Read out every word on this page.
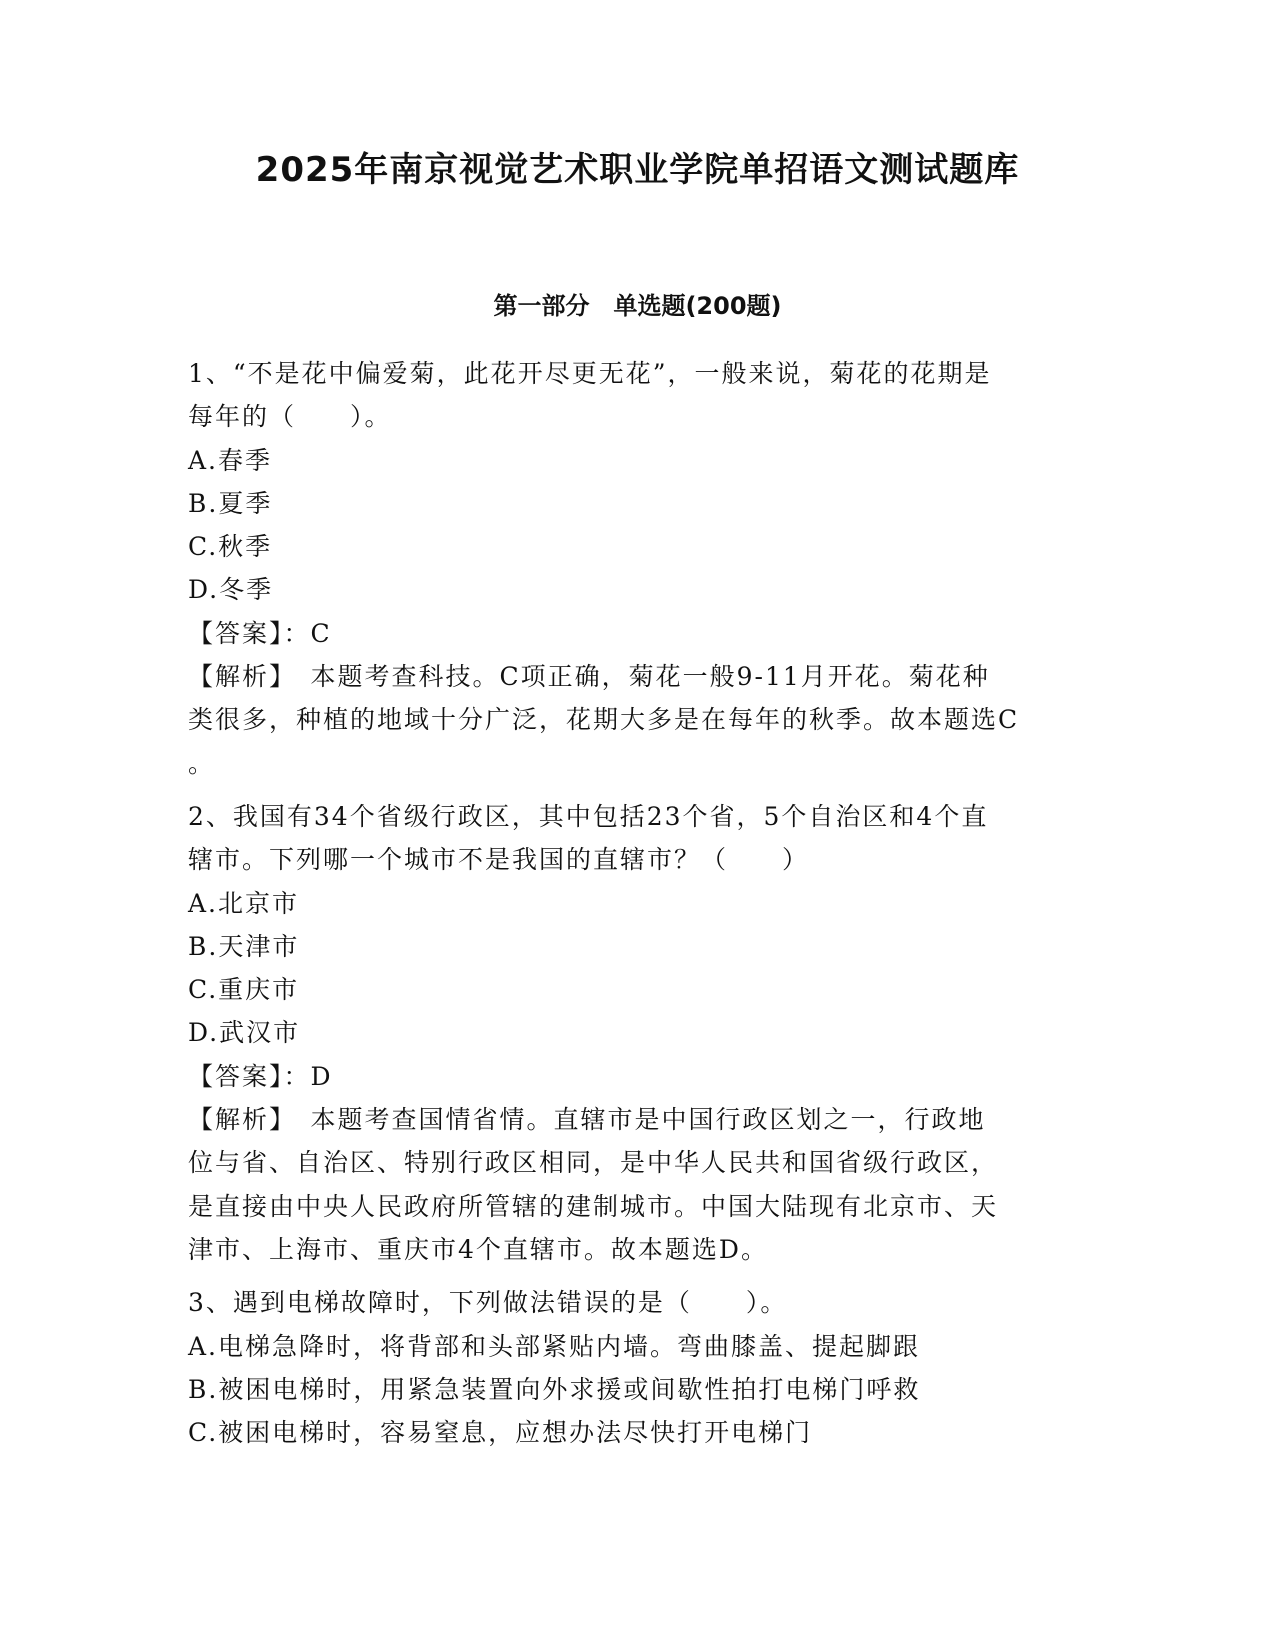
2025年南京视觉艺术职业学院单招语文测试题库
第一部分　单选题(200题)

1、“不是花中偏爱菊，此花开尽更无花”，一般来说，菊花的花期是

每年的（　　）。

A.春季

B.夏季

C.秋季

D.冬季

【答案】：C

【解析】　本题考查科技。C项正确，菊花一般9-11月开花。菊花种

类很多，种植的地域十分广泛，花期大多是在每年的秋季。故本题选C

。

2、我国有34个省级行政区，其中包括23个省，5个自治区和4个直

辖市。下列哪一个城市不是我国的直辖市？（　　）

A.北京市

B.天津市

C.重庆市

D.武汉市

【答案】：D

【解析】　本题考查国情省情。直辖市是中国行政区划之一，行政地

位与省、自治区、特别行政区相同，是中华人民共和国省级行政区，

是直接由中央人民政府所管辖的建制城市。中国大陆现有北京市、天

津市、上海市、重庆市4个直辖市。故本题选D。

3、遇到电梯故障时，下列做法错误的是（　　）。

A.电梯急降时，将背部和头部紧贴内墙。弯曲膝盖、提起脚跟

B.被困电梯时，用紧急装置向外求援或间歇性拍打电梯门呼救

C.被困电梯时，容易窒息，应想办法尽快打开电梯门
